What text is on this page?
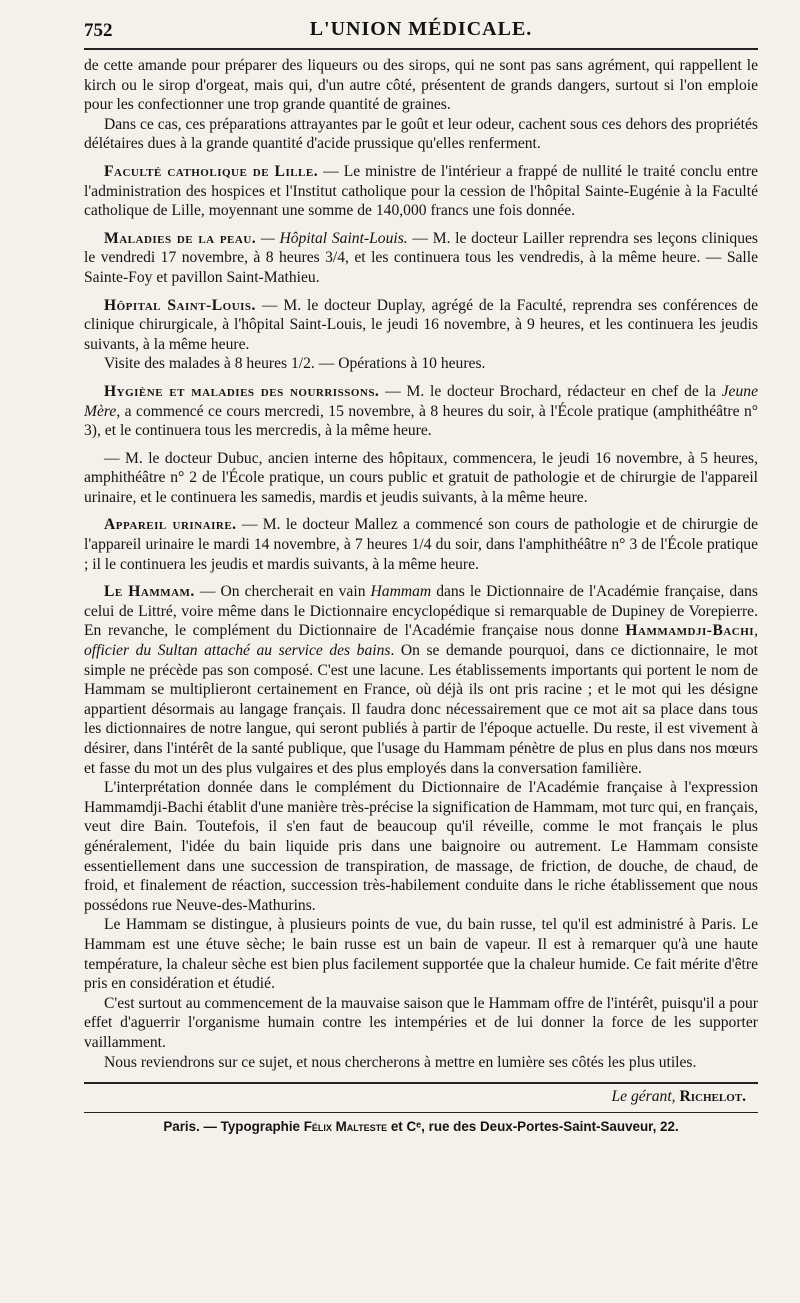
752	L'UNION MÉDICALE.

de cette amande pour préparer des liqueurs ou des sirops, qui ne sont pas sans agrément, qui rappellent le kirch ou le sirop d'orgeat, mais qui, d'un autre côté, présentent de grands dangers, surtout si l'on emploie pour les confectionner une trop grande quantité de graines.

Dans ce cas, ces préparations attrayantes par le goût et leur odeur, cachent sous ces dehors des propriétés délétaires dues à la grande quantité d'acide prussique qu'elles renferment.

Faculté catholique de Lille. — Le ministre de l'intérieur a frappé de nullité le traité conclu entre l'administration des hospices et l'Institut catholique pour la cession de l'hôpital Sainte-Eugénie à la Faculté catholique de Lille, moyennant une somme de 140,000 francs une fois donnée.

Maladies de la peau. — Hôpital Saint-Louis. — M. le docteur Lailler reprendra ses leçons cliniques le vendredi 17 novembre, à 8 heures 3/4, et les continuera tous les vendredis, à la même heure. — Salle Sainte-Foy et pavillon Saint-Mathieu.

Hôpital Saint-Louis. — M. le docteur Duplay, agrégé de la Faculté, reprendra ses conférences de clinique chirurgicale, à l'hôpital Saint-Louis, le jeudi 16 novembre, à 9 heures, et les continuera les jeudis suivants, à la même heure.

Visite des malades à 8 heures 1/2. — Opérations à 10 heures.

Hygiène et maladies des nourrissons. — M. le docteur Brochard, rédacteur en chef de la Jeune Mère, a commencé ce cours mercredi, 15 novembre, à 8 heures du soir, à l'École pratique (amphithéâtre n° 3), et le continuera tous les mercredis, à la même heure.

— M. le docteur Dubuc, ancien interne des hôpitaux, commencera, le jeudi 16 novembre, à 5 heures, amphithéâtre n° 2 de l'École pratique, un cours public et gratuit de pathologie et de chirurgie de l'appareil urinaire, et le continuera les samedis, mardis et jeudis suivants, à la même heure.

Appareil urinaire. — M. le docteur Mallez a commencé son cours de pathologie et de chirurgie de l'appareil urinaire le mardi 14 novembre, à 7 heures 1/4 du soir, dans l'amphithéâtre n° 3 de l'École pratique ; il le continuera les jeudis et mardis suivants, à la même heure.

Le Hammam. — On chercherait en vain Hammam dans le Dictionnaire de l'Académie française, dans celui de Littré, voire même dans le Dictionnaire encyclopédique si remarquable de Dupiney de Vorepierre. En revanche, le complément du Dictionnaire de l'Académie française nous donne Hammamdji-Bachi, officier du Sultan attaché au service des bains. On se demande pourquoi, dans ce dictionnaire, le mot simple ne précède pas son composé. C'est une lacune. Les établissements importants qui portent le nom de Hammam se multiplieront certainement en France, où déjà ils ont pris racine ; et le mot qui les désigne appartient désormais au langage français. Il faudra donc nécessairement que ce mot ait sa place dans tous les dictionnaires de notre langue, qui seront publiés à partir de l'époque actuelle. Du reste, il est vivement à désirer, dans l'intérêt de la santé publique, que l'usage du Hammam pénètre de plus en plus dans nos mœurs et fasse du mot un des plus vulgaires et des plus employés dans la conversation familière.

L'interprétation donnée dans le complément du Dictionnaire de l'Académie française à l'expression Hammamdji-Bachi établit d'une manière très-précise la signification de Hammam, mot turc qui, en français, veut dire Bain. Toutefois, il s'en faut de beaucoup qu'il réveille, comme le mot français le plus généralement, l'idée du bain liquide pris dans une baignoire ou autrement. Le Hammam consiste essentiellement dans une succession de transpiration, de massage, de friction, de douche, de chaud, de froid, et finalement de réaction, succession très-habilement conduite dans le riche établissement que nous possédons rue Neuve-des-Mathurins.

Le Hammam se distingue, à plusieurs points de vue, du bain russe, tel qu'il est administré à Paris. Le Hammam est une étuve sèche; le bain russe est un bain de vapeur. Il est à remarquer qu'à une haute température, la chaleur sèche est bien plus facilement supportée que la chaleur humide. Ce fait mérite d'être pris en considération et étudié.

C'est surtout au commencement de la mauvaise saison que le Hammam offre de l'intérêt, puisqu'il a pour effet d'aguerrir l'organisme humain contre les intempéries et de lui donner la force de les supporter vaillamment.

Nous reviendrons sur ce sujet, et nous chercherons à mettre en lumière ses côtés les plus utiles.

Le gérant, Richelot.
Paris. — Typographie Félix Malteste et Cᵉ, rue des Deux-Portes-Saint-Sauveur, 22.
